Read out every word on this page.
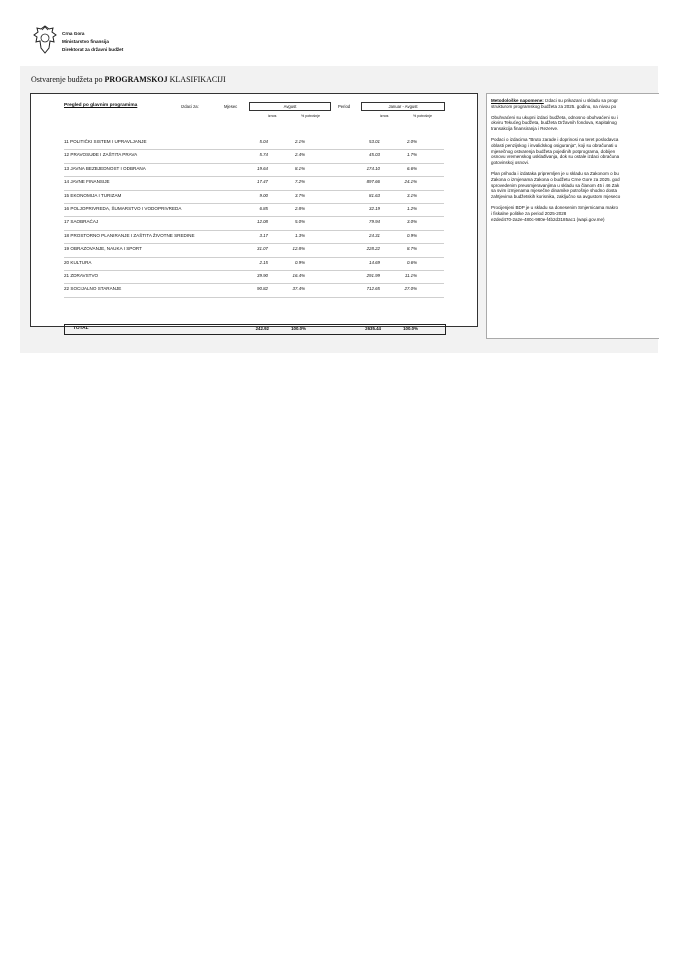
Crna Gora
Ministarstvo finansija
Direktorat za državni budžet
Ostvarenje budžeta po PROGRAMSKOJ KLASIFIKACIJI
Pregled po glavnim programima	Izdaci za:	Mjesec	Avgust	Period	Januar - Avgust
iznos	% potrošnje	iznos	% potrošnje
11 POLITIČKI SISTEM I UPRAVLJANJE	5.04	2.1%	53.01	2.0%
12 PRAVOSUĐE I ZAŠTITA PRAVA	5.74	2.4%	45.03	1.7%
13 JAVNA BEZBJEDNOST I ODBRANA	19.64	8.1%	174.10	6.6%
14 JAVNE FINANSIJE	17.47	7.2%	897.66	24.1%
15 EKONOMIJA I TURIZAM	9.00	3.7%	81.63	3.1%
16 POLJOPRIVREDA, ŠUMARSTVO I VODOPRIVREDA	6.85	2.8%	32.19	1.2%
17 SAOBRAĆAJ	12.08	5.0%	79.94	3.0%
18 PROSTORNO PLANIRANJE I ZAŠTITA ŽIVOTNE SREDINE	3.17	1.3%	24.31	0.9%
19 OBRAZOVANJE, NAUKA I SPORT	31.07	12.8%	228.22	8.7%
20 KULTURA	2.15	0.9%	14.69	0.6%
21 ZDRAVSTVO	39.90	16.4%	291.99	11.1%
22 SOCIJALNO STARANJE	90.82	37.4%	712.65	27.0%
TOTAL	242.92	100.0%	2635.44	100.0%

Metodološke napomene: Izdaci su prikazani u skladu sa progr

strukturom programskog budžeta za 2025. godinu, na nivou po

Obuhvaćeni su ukupni izdaci budžeta, odnosno obuhvaćeni su i

okviru Tekućeg budžeta, budžeta Državnih fondova, Kapitalnog

transakcija finansiranja i Rezerve.

Podaci o izdacima "Bruto zarade i doprinosi na teret poslodavca

oblasti penzijskog i invalidskog osiguranja", koji su obračunati u

mjesečnog ostvarenja budžeta pojedinih potprograma, dobijen

osnovu vremenskog usklađivanja, dok su ostale izdaci obračuna

gotovinskoj osnovi.

Plan prihoda i izdataka pripremljen je u skladu sa Zakonom o bu

Zakona o izmjenama Zakona o budžetu Crne Gore za 2025. god

sprovedenim preusmjeravanjima u skladu sa članom 45 i 46 Zak

sa svim izmjenama mjesečne dinamike potrošnje shodno dosta

zahtjevima budžetskih korisnika, zaključno sa avgustom mjeseco

Procijenjeni BDP je u skladu sa donesenim Smjernicama makro

i fiskalne politike za period 2025-2028

e2ded470-2a2e-480c-980e-f4b2d3185ac1 (wapi.gov.me)
